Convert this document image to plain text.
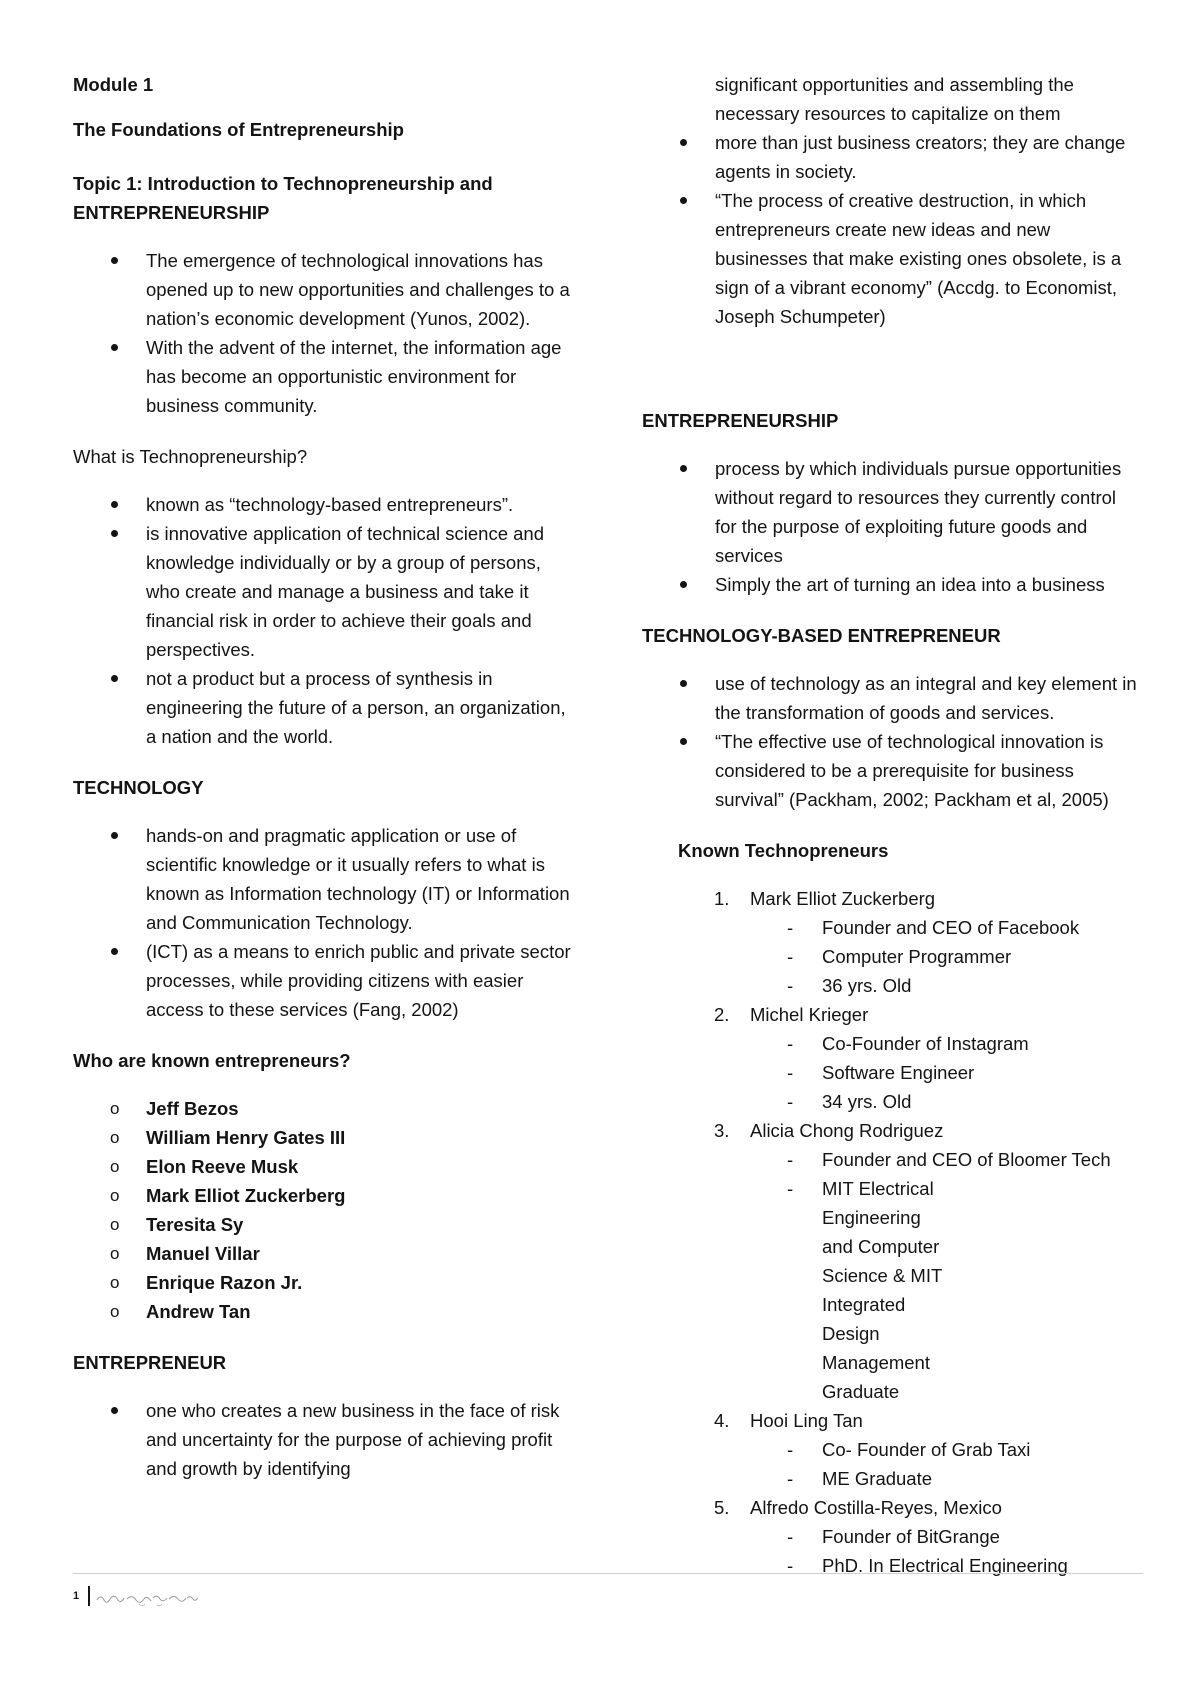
Module 1

The Foundations of Entrepreneurship

Topic 1: Introduction to Technopreneurship and ENTREPRENEURSHIP

The emergence of technological innovations has opened up to new opportunities and challenges to a nation’s economic development (Yunos, 2002).
With the advent of the internet, the information age has become an opportunistic environment for business community.

What is Technopreneurship?

known as “technology-based entrepreneurs”.
is innovative application of technical science and knowledge individually or by a group of persons, who create and manage a business and take it financial risk in order to achieve their goals and perspectives.
not a product but a process of synthesis in engineering the future of a person, an organization, a nation and the world.

TECHNOLOGY

hands-on and pragmatic application or use of scientific knowledge or it usually refers to what is known as Information technology (IT) or Information and Communication Technology.
(ICT) as a means to enrich public and private sector processes, while providing citizens with easier access to these services (Fang, 2002)

Who are known entrepreneurs?

o Jeff Bezos
o William Henry Gates III
o Elon Reeve Musk
o Mark Elliot Zuckerberg
o Teresita Sy
o Manuel Villar
o Enrique Razon Jr.
o Andrew Tan

ENTREPRENEUR

one who creates a new business in the face of risk and uncertainty for the purpose of achieving profit and growth by identifying

significant opportunities and assembling the necessary resources to capitalize on them

more than just business creators; they are change agents in society.
“The process of creative destruction, in which entrepreneurs create new ideas and new businesses that make existing ones obsolete, is a sign of a vibrant economy” (Accdg. to Economist, Joseph Schumpeter)

ENTREPRENEURSHIP

process by which individuals pursue opportunities without regard to resources they currently control for the purpose of exploiting future goods and services
Simply the art of turning an idea into a business

TECHNOLOGY-BASED ENTREPRENEUR

use of technology as an integral and key element in the transformation of goods and services.
“The effective use of technological innovation is considered to be a prerequisite for business survival” (Packham, 2002; Packham et al, 2005)

Known Technopreneurs

1. Mark Elliot Zuckerberg
- Founder and CEO of Facebook
- Computer Programmer
- 36 yrs. Old
2. Michel Krieger
- Co-Founder of Instagram
- Software Engineer
- 34 yrs. Old
3. Alicia Chong Rodriguez
- Founder and CEO of Bloomer Tech
- MIT Electrical Engineering and Computer Science & MIT Integrated Design Management Graduate
4. Hooi Ling Tan
- Co- Founder of Grab Taxi
- ME Graduate
5. Alfredo Costilla-Reyes, Mexico
- Founder of BitGrange
- PhD. In Electrical Engineering
1
